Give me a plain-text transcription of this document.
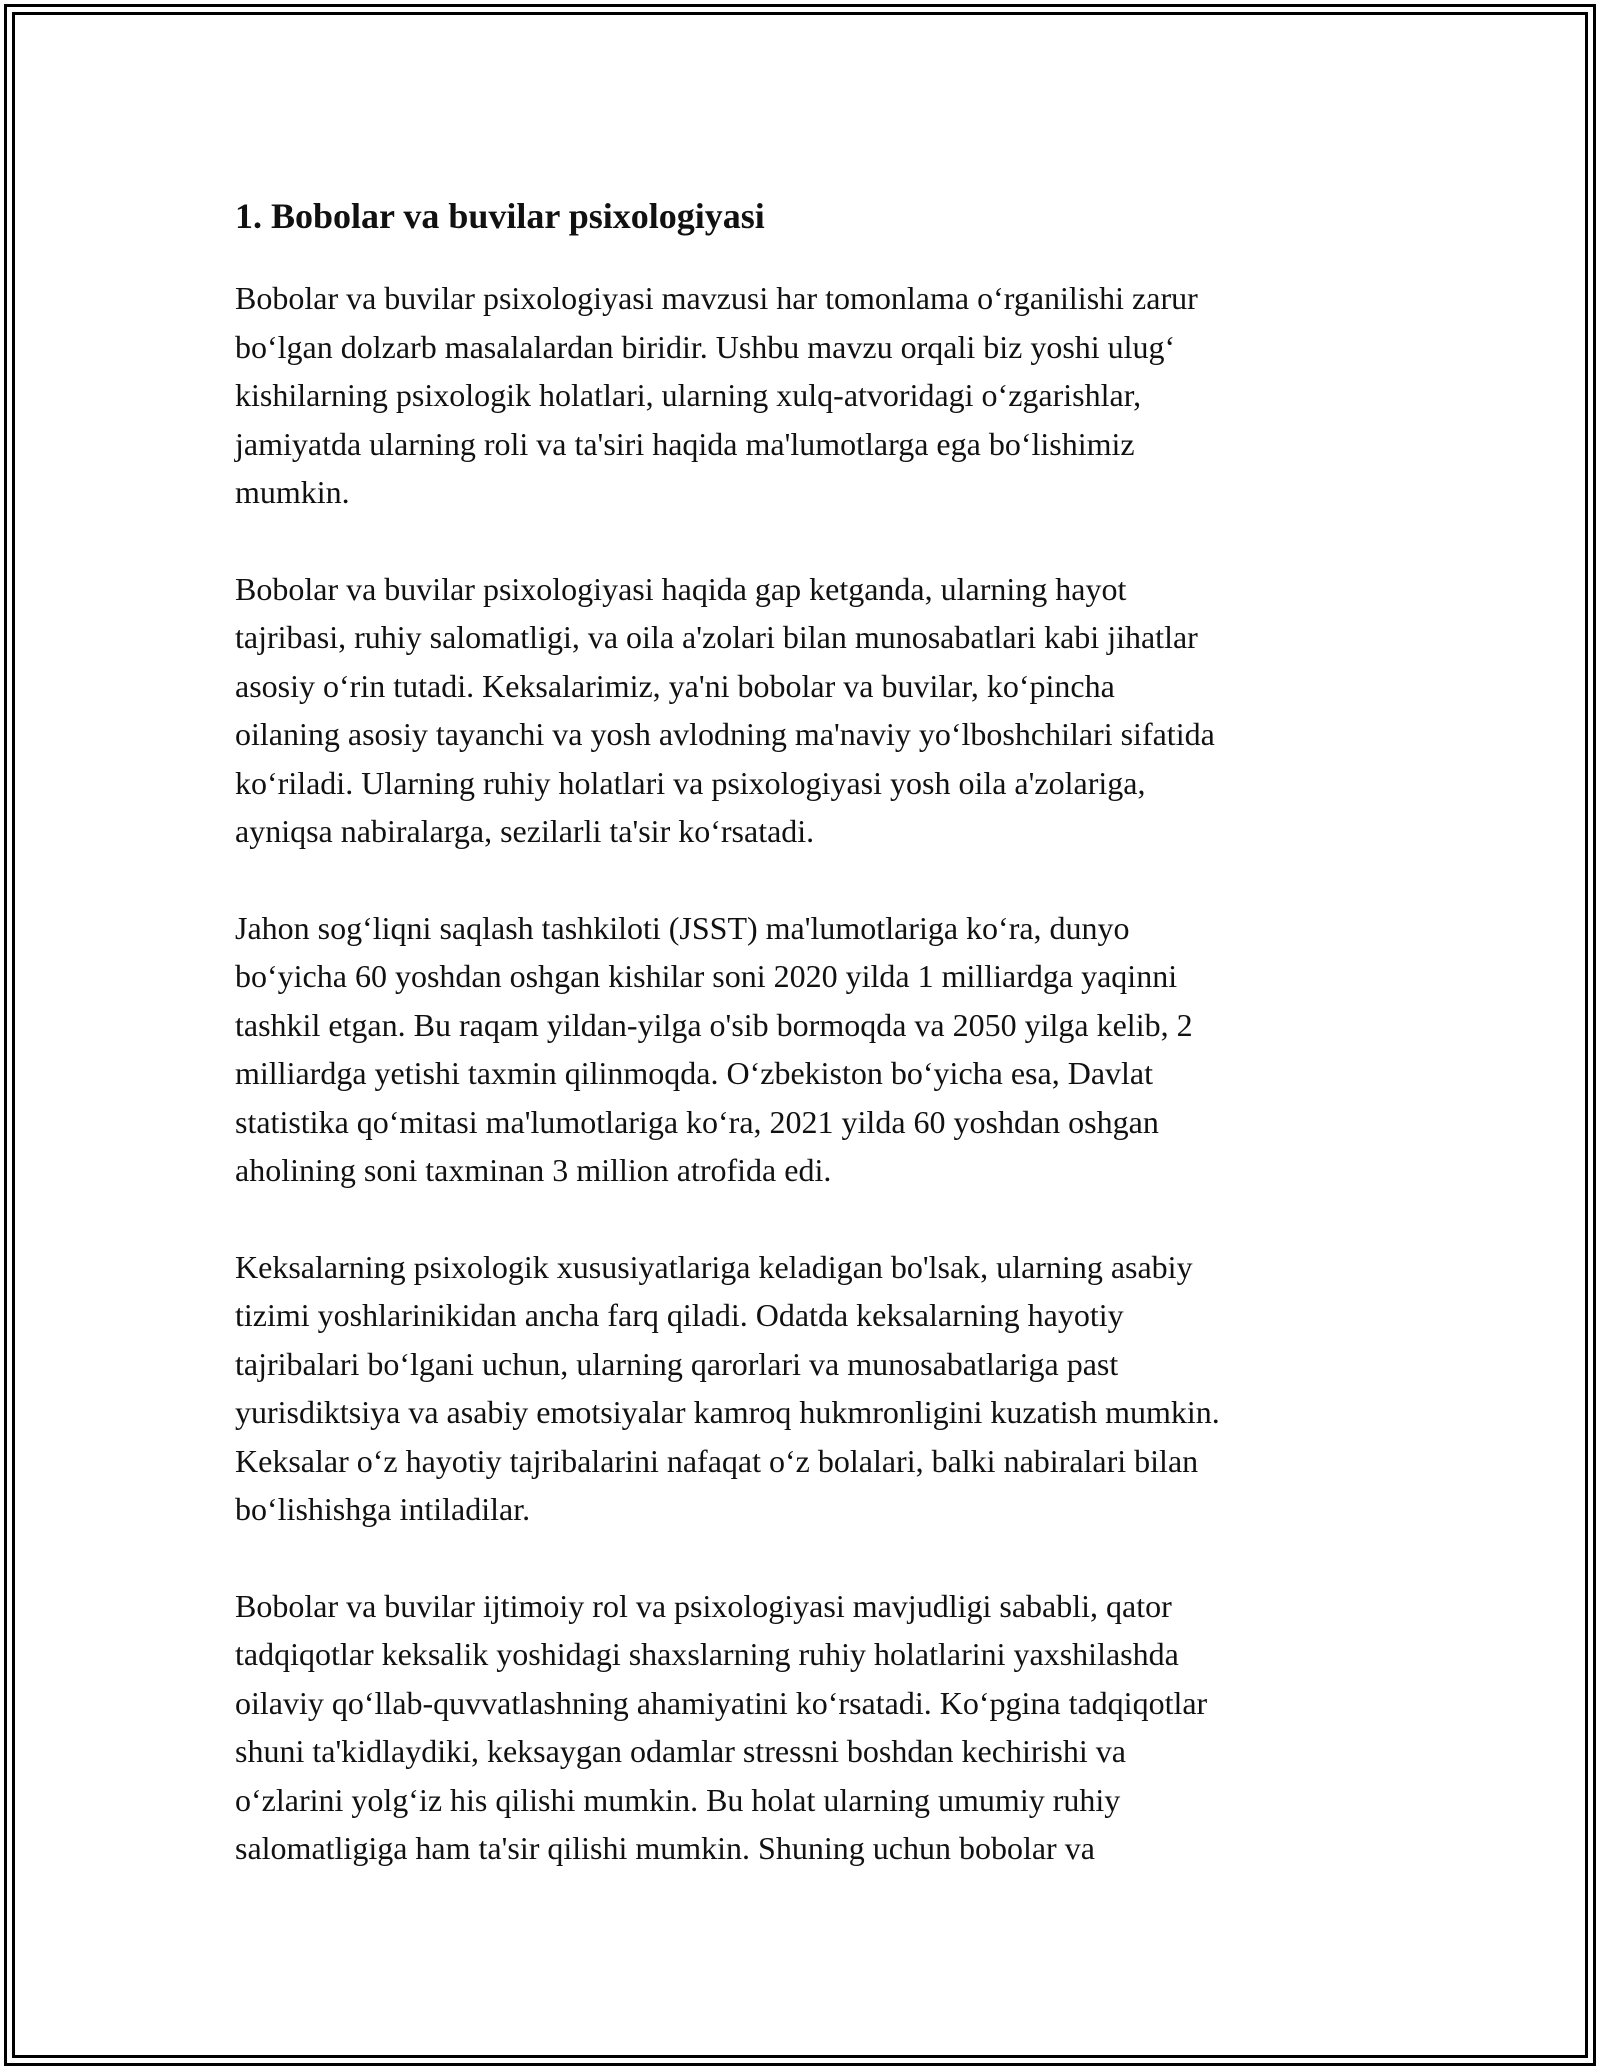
1. Bobolar va buvilar psixologiyasi

Bobolar va buvilar psixologiyasi mavzusi har tomonlama oʻrganilishi zarur
boʻlgan dolzarb masalalardan biridir. Ushbu mavzu orqali biz yoshi ulugʻ
kishilarning psixologik holatlari, ularning xulq-atvoridagi oʻzgarishlar,
jamiyatda ularning roli va ta'siri haqida ma'lumotlarga ega boʻlishimiz
mumkin.

Bobolar va buvilar psixologiyasi haqida gap ketganda, ularning hayot
tajribasi, ruhiy salomatligi, va oila a'zolari bilan munosabatlari kabi jihatlar
asosiy oʻrin tutadi. Keksalarimiz, ya'ni bobolar va buvilar, koʻpincha
oilaning asosiy tayanchi va yosh avlodning ma'naviy yoʻlboshchilari sifatida
koʻriladi. Ularning ruhiy holatlari va psixologiyasi yosh oila a'zolariga,
ayniqsa nabiralarga, sezilarli ta'sir koʻrsatadi.

Jahon sogʻliqni saqlash tashkiloti (JSST) ma'lumotlariga koʻra, dunyo
boʻyicha 60 yoshdan oshgan kishilar soni 2020 yilda 1 milliardga yaqinni
tashkil etgan. Bu raqam yildan-yilga o'sib bormoqda va 2050 yilga kelib, 2
milliardga yetishi taxmin qilinmoqda. Oʻzbekiston boʻyicha esa, Davlat
statistika qoʻmitasi ma'lumotlariga koʻra, 2021 yilda 60 yoshdan oshgan
aholining soni taxminan 3 million atrofida edi.

Keksalarning psixologik xususiyatlariga keladigan bo'lsak, ularning asabiy
tizimi yoshlarinikidan ancha farq qiladi. Odatda keksalarning hayotiy
tajribalari boʻlgani uchun, ularning qarorlari va munosabatlariga past
yurisdiktsiya va asabiy emotsiyalar kamroq hukmronligini kuzatish mumkin.
Keksalar oʻz hayotiy tajribalarini nafaqat oʻz bolalari, balki nabiralari bilan
boʻlishishga intiladilar.

Bobolar va buvilar ijtimoiy rol va psixologiyasi mavjudligi sababli, qator
tadqiqotlar keksalik yoshidagi shaxslarning ruhiy holatlarini yaxshilashda
oilaviy qoʻllab-quvvatlashning ahamiyatini koʻrsatadi. Koʻpgina tadqiqotlar
shuni ta'kidlaydiki, keksaygan odamlar stressni boshdan kechirishi va
oʻzlarini yolgʻiz his qilishi mumkin. Bu holat ularning umumiy ruhiy
salomatligiga ham ta'sir qilishi mumkin. Shuning uchun bobolar va
